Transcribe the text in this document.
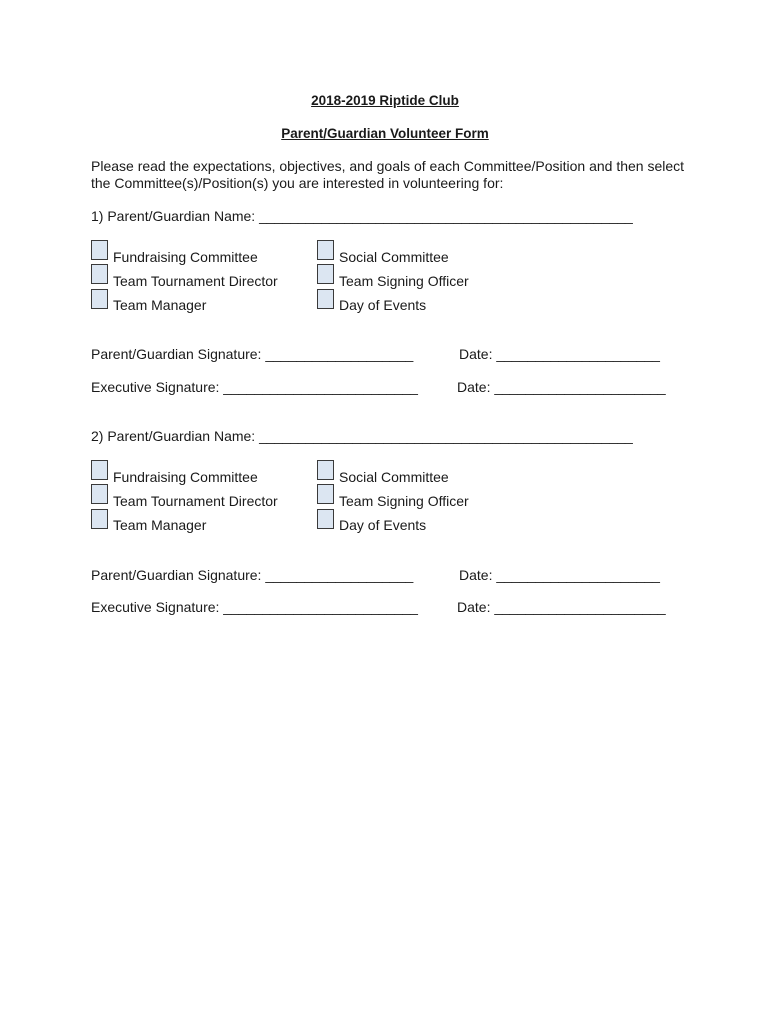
2018-2019 Riptide Club
Parent/Guardian Volunteer Form

Please read the expectations, objectives, and goals of each Committee/Position and then select the Committee(s)/Position(s) you are interested in volunteering for:

1) Parent/Guardian Name: ________________________________________________
Fundraising Committee
Team Tournament Director
Team Manager
Social Committee
Team Signing Officer
Day of Events
Parent/Guardian Signature: ___________________	Date: _____________________
Executive Signature: _________________________	Date: ______________________
2) Parent/Guardian Name: ________________________________________________
Fundraising Committee
Team Tournament Director
Team Manager
Social Committee
Team Signing Officer
Day of Events
Parent/Guardian Signature: ___________________	Date: _____________________
Executive Signature: _________________________	Date: ______________________
